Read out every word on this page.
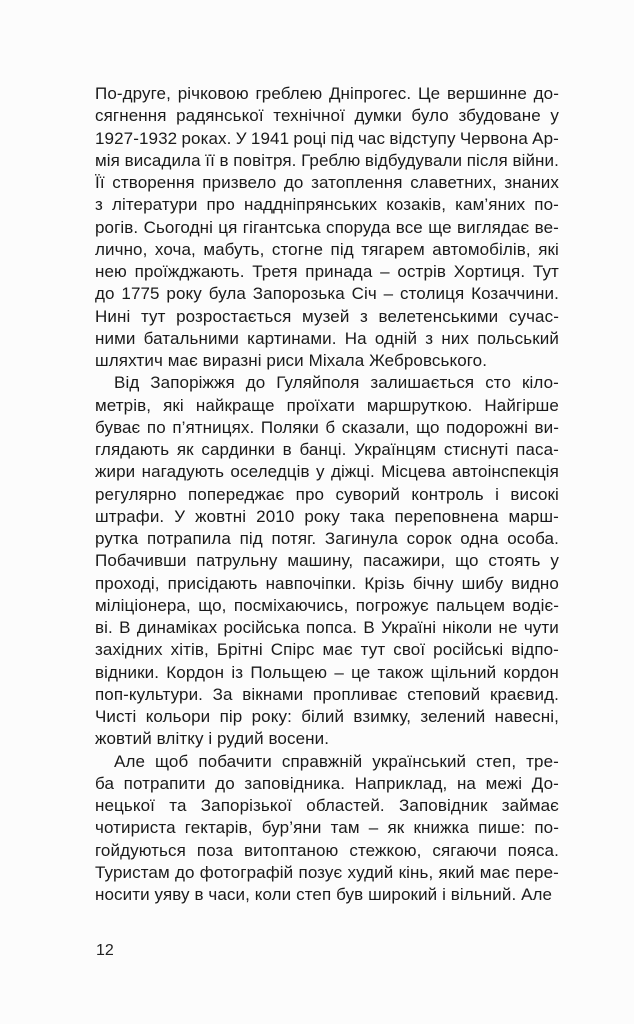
По-друге, річковою греблею Дніпрогес. Це вершинне до-
сягнення радянської технічної думки було збудоване у
1927-1932 роках. У 1941 році під час відступу Червона Ар-
мія висадила її в повітря. Греблю відбудували після війни.
Її створення призвело до затоплення славетних, знаних
з літератури про наддніпрянських козаків, кам’яних по-
рогів. Сьогодні ця гігантська споруда все ще виглядає ве-
лично, хоча, мабуть, стогне під тягарем автомобілів, які
нею проїжджають. Третя принада – острів Хортиця. Тут
до 1775 року була Запорозька Січ – столиця Козаччини.
Нині тут розростається музей з велетенськими сучас-
ними батальними картинами. На одній з них польський
шляхтич має виразні риси Міхала Жебровського.
Від Запоріжжя до Гуляйполя залишається сто кіло-
метрів, які найкраще проїхати маршруткою. Найгірше
буває по п’ятницях. Поляки б сказали, що подорожні ви-
глядають як сардинки в банці. Українцям стиснуті паса-
жири нагадують оселедців у діжці. Місцева автоінспекція
регулярно попереджає про суворий контроль і високі
штрафи. У жовтні 2010 року така переповнена марш-
рутка потрапила під потяг. Загинула сорок одна особа.
Побачивши патрульну машину, пасажири, що стоять у
проході, присідають навпочіпки. Крізь бічну шибу видно
міліціонера, що, посміхаючись, погрожує пальцем водіє-
ві. В динаміках російська попса. В Україні ніколи не чути
західних хітів, Брітні Спірс має тут свої російські відпо-
відники. Кордон із Польщею – це також щільний кордон
поп-культури. За вікнами пропливає степовий краєвид.
Чисті кольори пір року: білий взимку, зелений навесні,
жовтий влітку і рудий восени.
Але щоб побачити справжній український степ, тре-
ба потрапити до заповідника. Наприклад, на межі До-
нецької та Запорізької областей. Заповідник займає
чотириста гектарів, бур’яни там – як книжка пише: по-
гойдуються поза витоптаною стежкою, сягаючи пояса.
Туристам до фотографій позує худий кінь, який має пере-
носити уяву в часи, коли степ був широкий і вільний. Але
12
